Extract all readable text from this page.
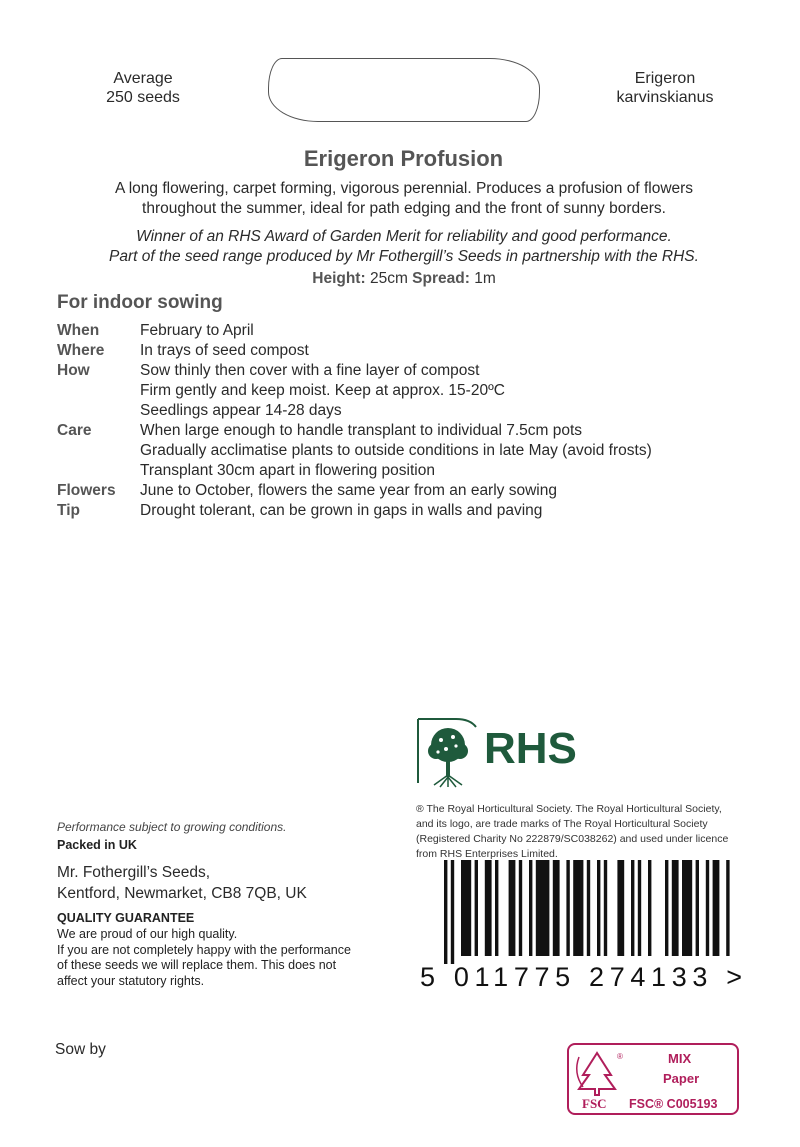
Average
250 seeds
Erigeron
karvinskianus
Erigeron Profusion
A long flowering, carpet forming, vigorous perennial. Produces a profusion of flowers
throughout the summer, ideal for path edging and the front of sunny borders.
Winner of an RHS Award of Garden Merit for reliability and good performance.
Part of the seed range produced by Mr Fothergill’s Seeds in partnership with the RHS.
Height: 25cm Spread: 1m
For indoor sowing
When	February to April
Where	In trays of seed compost
How	Sow thinly then cover with a fine layer of compost
Firm gently and keep moist. Keep at approx. 15-20ºC
Seedlings appear 14-28 days
Care	When large enough to handle transplant to individual 7.5cm pots
Gradually acclimatise plants to outside conditions in late May (avoid frosts)
Transplant 30cm apart in flowering position
Flowers	June to October, flowers the same year from an early sowing
Tip	Drought tolerant, can be grown in gaps in walls and paving
RHS
® The Royal Horticultural Society. The Royal Horticultural Society,
and its logo, are trade marks of The Royal Horticultural Society
(Registered Charity No 222879/SC038262) and used under licence
from RHS Enterprises Limited.
Performance subject to growing conditions.
Packed in UK
Mr. Fothergill’s Seeds,
Kentford, Newmarket, CB8 7QB, UK
QUALITY GUARANTEE
We are proud of our high quality.
If you are not completely happy with the performance
of these seeds we will replace them. This does not
affect your statutory rights.
Sow by
5 011775 274133 >
®
FSC
MIX
Paper
FSC® C005193
